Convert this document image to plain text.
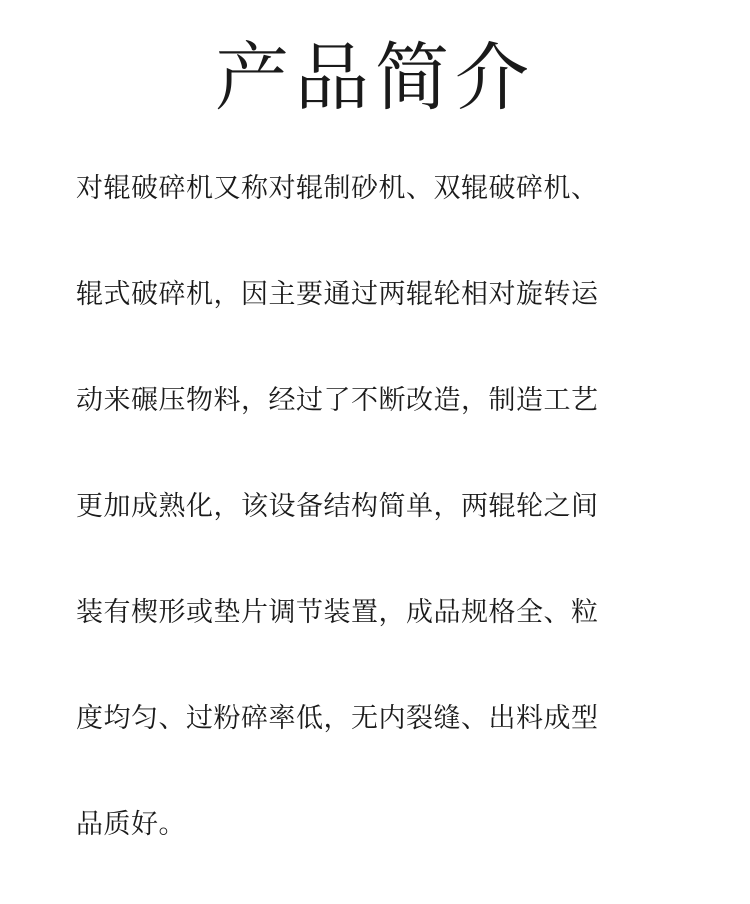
产品简介
对辊破碎机又称对辊制砂机、双辊破碎机、
辊式破碎机，因主要通过两辊轮相对旋转运
动来碾压物料，经过了不断改造，制造工艺
更加成熟化，该设备结构简单，两辊轮之间
装有楔形或垫片调节装置，成品规格全、粒
度均匀、过粉碎率低，无内裂缝、出料成型
品质好。
